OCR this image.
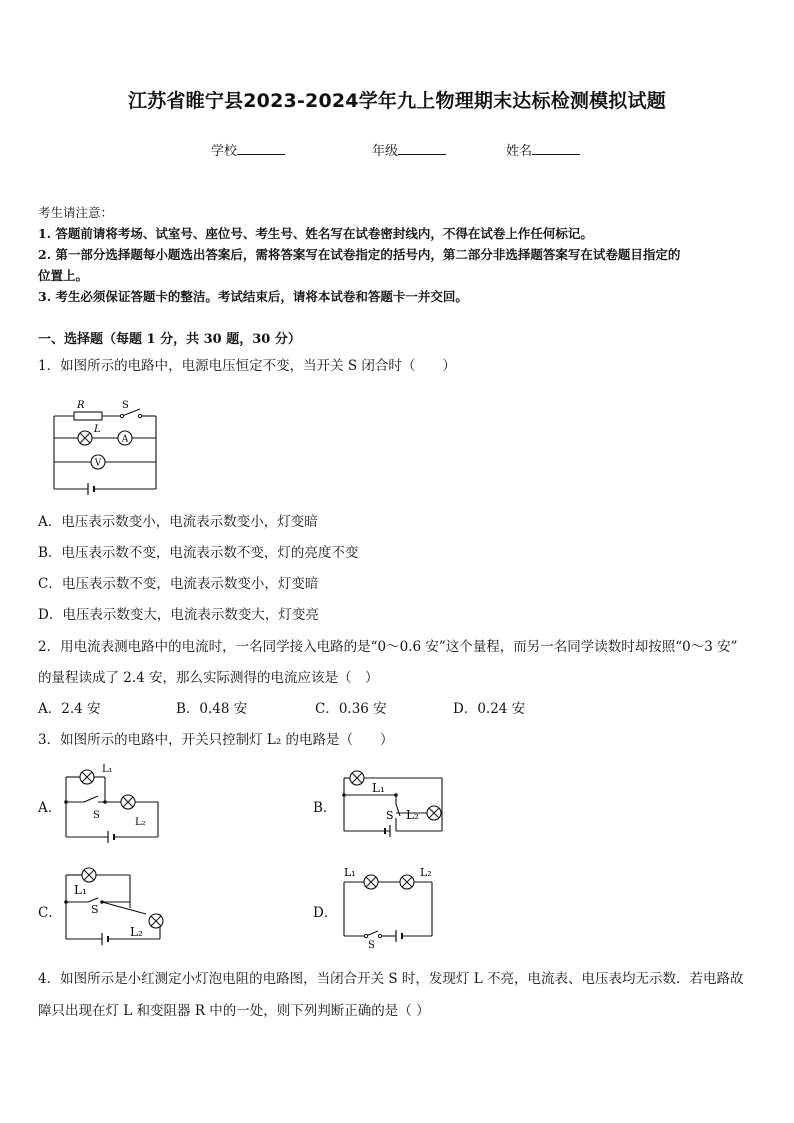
江苏省睢宁县2023-2024学年九上物理期末达标检测模拟试题
学校	年级	姓名
考生请注意：
1. 答题前请将考场、试室号、座位号、考生号、姓名写在试卷密封线内，不得在试卷上作任何标记。
2. 第一部分选择题每小题选出答案后，需将答案写在试卷指定的括号内，第二部分非选择题答案写在试卷题目指定的
位置上。
3. 考生必须保证答题卡的整洁。考试结束后，请将本试卷和答题卡一并交回。
一、选择题（每题 1 分，共 30 题，30 分）
1．如图所示的电路中，电源电压恒定不变，当开关 S 闭合时（　　）
A
V
R	S
L
A．电压表示数变小，电流表示数变小，灯变暗
B．电压表示数不变，电流表示数不变，灯的亮度不变
C．电压表示数不变，电流表示数变小，灯变暗
D．电压表示数变大，电流表示数变大，灯变亮
2．用电流表测电路中的电流时，一名同学接入电路的是“0～0.6 安”这个量程，而另一名同学读数时却按照“0～3 安”
的量程读成了 2.4 安，那么实际测得的电流应该是（　）
A．2.4 安	B．0.48 安	C．0.36 安	D．0.24 安
3．如图所示的电路中，开关只控制灯 L₂ 的电路是（　　）
A．
L₁
L₂
S	B．
L₁
L₂
S
C．
L₁
L₂
S	D．
L₁	L₂
S
4．如图所示是小红测定小灯泡电阻的电路图，当闭合开关 S 时，发现灯 L 不亮，电流表、电压表均无示数．若电路故
障只出现在灯 L 和变阻器 R 中的一处，则下列判断正确的是（ ）
